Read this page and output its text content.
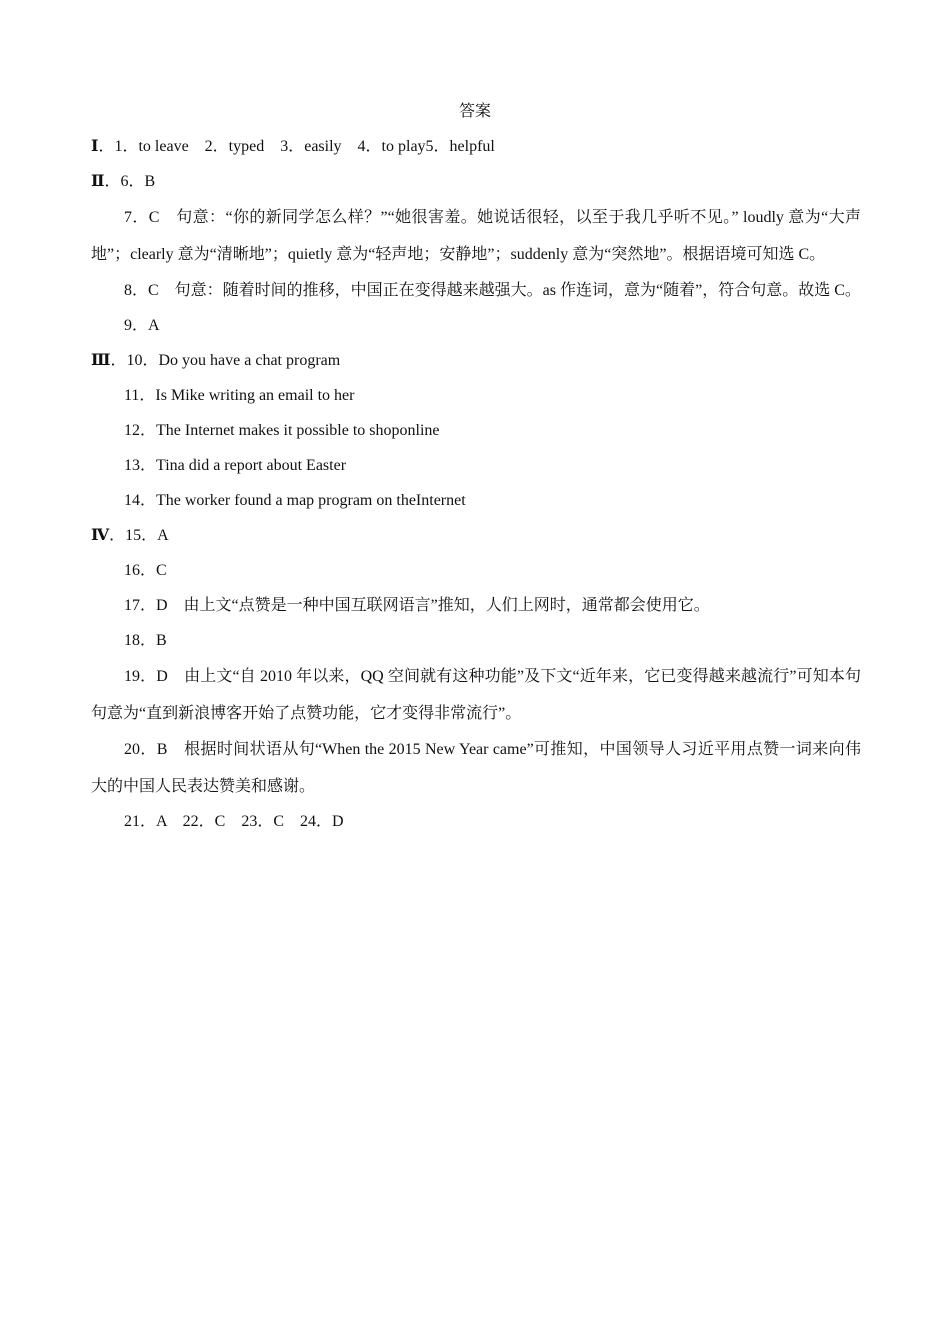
答案
Ⅰ．1．to leave　2．typed　3．easily　4．to play5．helpful
Ⅱ．6．B
7．C　句意：“你的新同学怎么样？”“她很害羞。她说话很轻，以至于我几乎听不见。” loudly 意为“大声地”；clearly 意为“清晰地”；quietly 意为“轻声地；安静地”；suddenly 意为“突然地”。根据语境可知选 C。
8．C　句意：随着时间的推移，中国正在变得越来越强大。as 作连词，意为“随着”，符合句意。故选 C。
9．A
Ⅲ．10．Do you have a chat program
11．Is Mike writing an email to her
12．The Internet makes it possible to shoponline
13．Tina did a report about Easter
14．The worker found a map program on theInternet
Ⅳ．15．A
16．C
17．D　由上文“点赞是一种中国互联网语言”推知，人们上网时，通常都会使用它。
18．B
19．D　由上文“自 2010 年以来，QQ 空间就有这种功能”及下文“近年来，它已变得越来越流行”可知本句句意为“直到新浪博客开始了点赞功能，它才变得非常流行”。
20．B　根据时间状语从句“When the 2015 New Year came”可推知，中国领导人习近平用点赞一词来向伟大的中国人民表达赞美和感谢。
21．A　22．C　23．C　24．D
